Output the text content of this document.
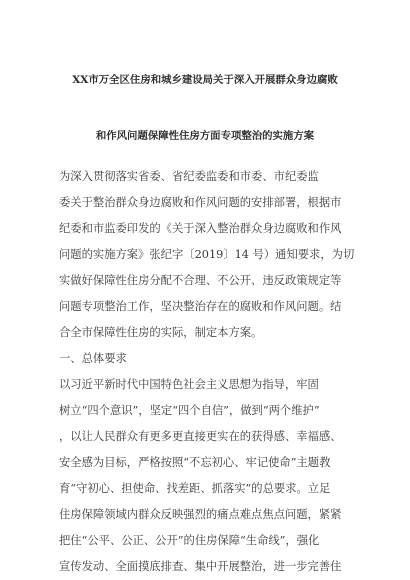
XX市万全区住房和城乡建设局关于深入开展群众身边腐败
和作风问题保障性住房方面专项整治的实施方案
为深入贯彻落实省委、省纪委监委和市委、市纪委监
委关于整治群众身边腐败和作风问题的安排部署，根据市
纪委和市监委印发的《关于深入整治群众身边腐败和作风
问题的实施方案》张纪字〔2019〕14 号）通知要求，为切
实做好保障性住房分配不合理、不公开、违反政策规定等
问题专项整治工作，坚决整治存在的腐败和作风问题。结
合全市保障性住房的实际，制定本方案。
一、总体要求
以习近平新时代中国特色社会主义思想为指导，牢固
树立“四个意识”，坚定“四个自信”，做到“两个维护”
，以让人民群众有更多更直接更实在的获得感、幸福感、
安全感为目标，严格按照“不忘初心、牢记使命”主题教
育“守初心、担使命、找差距、抓落实”的总要求。立足
住房保障领域内群众反映强烈的痛点难点焦点问题，紧紧
把住“公平、公正、公开”的住房保障“生命线”，强化
宣传发动、全面摸底排查、集中开展整治，进一步完善住
